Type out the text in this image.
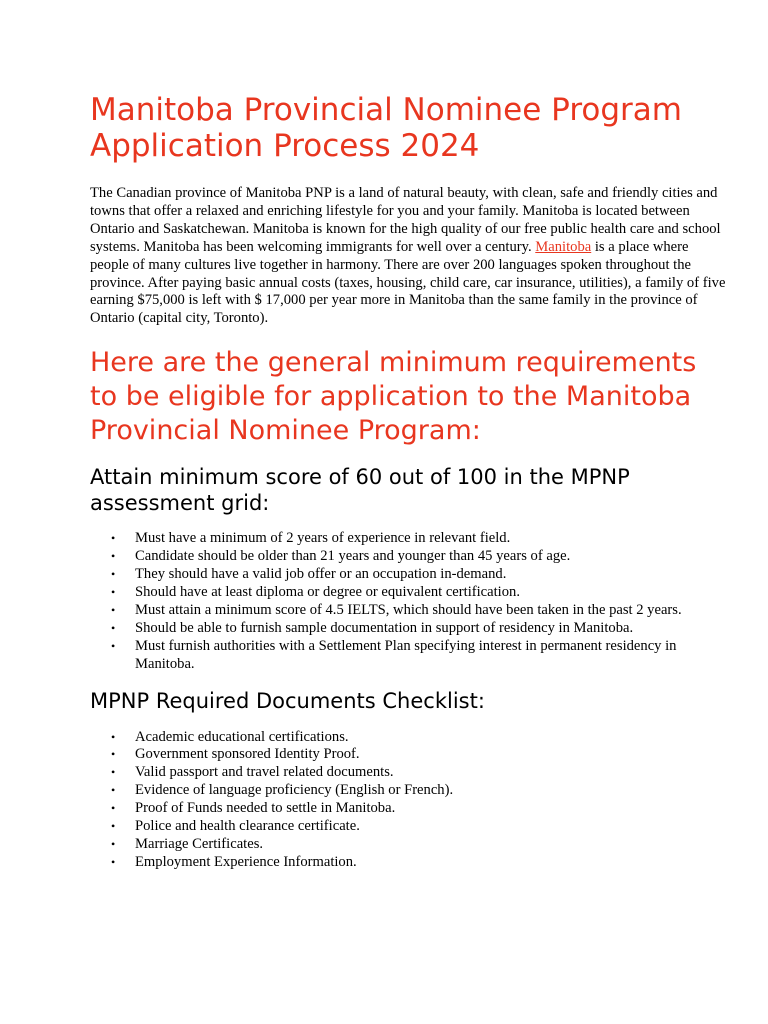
Manitoba Provincial Nominee Program Application Process 2024

The Canadian province of Manitoba PNP is a land of natural beauty, with clean, safe and friendly cities and towns that offer a relaxed and enriching lifestyle for you and your family. Manitoba is located between Ontario and Saskatchewan. Manitoba is known for the high quality of our free public health care and school systems. Manitoba has been welcoming immigrants for well over a century. Manitoba is a place where people of many cultures live together in harmony. There are over 200 languages spoken throughout the province. After paying basic annual costs (taxes, housing, child care, car insurance, utilities), a family of five earning $75,000 is left with $ 17,000 per year more in Manitoba than the same family in the province of Ontario (capital city, Toronto).

Here are the general minimum requirements to be eligible for application to the Manitoba Provincial Nominee Program:
Attain minimum score of 60 out of 100 in the MPNP assessment grid:
• Must have a minimum of 2 years of experience in relevant field.
• Candidate should be older than 21 years and younger than 45 years of age.
• They should have a valid job offer or an occupation in-demand.
• Should have at least diploma or degree or equivalent certification.
• Must attain a minimum score of 4.5 IELTS, which should have been taken in the past 2 years.
• Should be able to furnish sample documentation in support of residency in Manitoba.
• Must furnish authorities with a Settlement Plan specifying interest in permanent residency in Manitoba.
MPNP Required Documents Checklist:
• Academic educational certifications.
• Government sponsored Identity Proof.
• Valid passport and travel related documents.
• Evidence of language proficiency (English or French).
• Proof of Funds needed to settle in Manitoba.
• Police and health clearance certificate.
• Marriage Certificates.
• Employment Experience Information.
